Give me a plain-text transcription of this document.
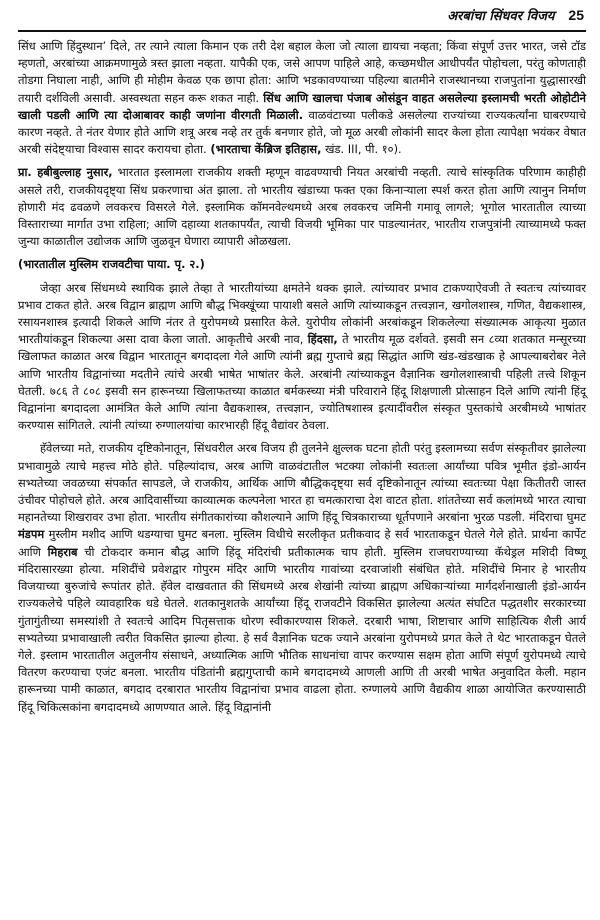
अरबांचा सिंधवर विजय 25

सिंध आणि हिंदुस्थान’ दिले, तर त्याने त्याला किमान एक तरी देश बहाल केला जो त्याला द्यायचा नव्हता; किंवा संपूर्ण उत्तर भारत, जसे टॉड म्हणतो, अरबांच्या आक्रमणामुळे त्रस्त झाला नव्हता. यापैकी एक, जसे आपण पाहिले आहे, कच्छमधील आधीपर्यंत पोहोचला, परंतु कोणताही तोडगा निघाला नाही, आणि ही मोहीम केवळ एक छापा होता: आणि भडकावण्याच्या पहिल्या बातमीने राजस्थानच्या राजपुतांना युद्धासारखी तयारी दर्शविली असावी. अस्वस्थता सहन करू शकत नाही. सिंध आणि खालचा पंजाब ओसंडून वाहत असलेल्या इस्लामची भरती ओहोटीने खाली पडली आणि त्या दोआबावर काही जणांना वीरगती मिळाली. वाळवंटाच्या पलीकडे असलेल्या राज्यांच्या राज्यकर्त्यांना घाबरण्याचे कारण नव्हते. ते नंतर येणार होते आणि शत्रू अरब नव्हे तर तुर्क बनणार होते, जो मूळ अरबी लोकांनी सादर केला होता त्यापेक्षा भयंकर वेषात अरबी संदेष्ट्याचा विश्वास सादर करायचा होता. (भारताचा केंब्रिज इतिहास, खंड. III, पी. १०).

प्रा. हबीबुल्लाह नुसार, भारतात इस्लामला राजकीय शक्ती म्हणून वाढवण्याची नियत अरबांची नव्हती. त्याचे सांस्कृतिक परिणाम काहीही असले तरी, राजकीयदृष्ट्या सिंध प्रकरणाचा अंत झाला. तो भारतीय खंडाच्या फक्त एका किनाऱ्याला स्पर्श करत होता आणि त्यानुन निर्माण होणारी मंद ढवळणे लवकरच विसरले गेले. इस्लामिक कॉमनवेल्थमध्ये अरब लवकरच जमिनी गमावू लागले; भूगोल भारतातील त्याच्या विस्ताराच्या मार्गात उभा राहिला; आणि दहाव्या शतकापर्यंत, त्याची विजयी भूमिका पार पाडल्यानंतर, भारतीय राजपुत्रांनी त्याच्यामध्ये फक्त जुन्या काळातील उद्योजक आणि जुळवून घेणारा व्यापारी ओळखला.

(भारतातील मुस्लिम राजवटीचा पाया. पृ. २.)

जेव्हा अरब सिंधमध्ये स्थायिक झाले तेव्हा ते भारतीयांच्या क्षमतेने थक्क झाले. त्यांच्यावर प्रभाव टाकण्याऐवजी ते स्वतःच त्यांच्यावर प्रभाव टाकत होते. अरब विद्वान ब्राह्मण आणि बौद्ध भिक्खूंच्या पायाशी बसले आणि त्यांच्याकडून तत्त्वज्ञान, खगोलशास्त्र, गणित, वैद्यकशास्त्र, रसायनशास्त्र इत्यादी शिकले आणि नंतर ते युरोपमध्ये प्रसारित केले. युरोपीय लोकांनी अरबांकडून शिकलेल्या संख्यात्मक आकृत्या मुळात भारतीयांकडून शिकल्या असा दावा केला जातो. आकृतीचे अरबी नाव, हिंदसा, ते भारतीय मूळ दर्शवते. इसवी सन ८व्या शतकात मन्सूरच्या खिलाफत काळात अरब विद्वान भारतातून बगदादला गेले आणि त्यांनी ब्रह्म गुप्ताचे ब्रह्म सिद्धांत आणि खंड-खंडखाक हे आपल्याबरोबर नेले आणि भारतीय विद्वानांच्या मदतीने त्यांचे अरबी भाषेत भाषांतर केले. अरबांनी त्यांच्याकडून वैज्ञानिक खगोलशास्त्राची पहिली तत्त्वे शिकून घेतली. ७८६ ते ८०८ इसवी सन हारूनच्या खिलाफतच्या काळात बर्मकस्च्या मंत्री परिवाराने हिंदू शिक्षणाली प्रोत्साहन दिले आणि त्यांनी हिंदू विद्वानांना बगदादला आमंत्रित केले आणि त्यांना वैद्यकशास्त्र, तत्त्वज्ञान, ज्योतिषशास्त्र इत्यादींवरील संस्कृत पुस्तकांचे अरबीमध्ये भाषांतर करण्यास सांगितले. त्यांनी त्यांच्या रुग्णालयांचा कारभारही हिंदू वैद्यांवर ठेवला.

हॅवेलच्या मते, राजकीय दृष्टिकोनातून, सिंधवरील अरब विजय ही तुलनेने क्षुल्लक घटना होती परंतु इस्लामच्या सर्वण संस्कृतीवर झालेल्या प्रभावामुळे त्याचे महत्त्व मोठे होते. पहिल्यांदाच, अरब आणि वाळवंटातील भटक्या लोकांनी स्वतःला आर्यांच्या पवित्र भूमीत इंडो-आर्यन सभ्यतेच्या जवळच्या संपर्कात सापडले, जे राजकीय, आर्थिक आणि बौद्धिकदृष्ट्या सर्व दृष्टिकोनातून त्यांच्या स्वतःच्या पेक्षा कितीतरी जास्त उंचीवर पोहोचले होते. अरब आदिवासींच्या काव्यात्मक कल्पनेला भारत हा चमत्काराचा देश वाटत होता. शांततेच्या सर्व कलांमध्ये भारत त्याचा महानतेच्या शिखरावर उभा होता. भारतीय संगीतकारांच्या कौशल्याने आणि हिंदू चित्रकाराच्या धूर्तपणाने अरबांना भुरळ पडली. मंदिराचा घुमट मंडपम मुस्लीम मशीद आणि थडग्याचा घुमट बनला. मुस्लिम विधीचे सरलीकृत प्रतीकवाद हे सर्व भारताकडून घेतले गेले होते. प्रार्थना कार्पेट आणि मिहराब ची टोकदार कमान बौद्ध आणि हिंदू मंदिरांची प्रतीकात्मक चाप होती. मुस्लिम राजघराण्याच्या कॅथेड्रल मशिदी विष्णू मंदिरासारख्या होत्या. मशिदींचे प्रवेशद्वार गोपुरम मंदिर आणि भारतीय गावांच्या दरवाजांशी संबंधित होते. मशिदींचे मिनार हे भारतीय विजयाच्या बुरुजांचे रूपांतर होते. हॅवेल दाखवतात की सिंधमध्ये अरब शेखांनी त्यांच्या ब्राह्मण अधिकाऱ्यांच्या मार्गदर्शनाखाली इंडो-आर्यन राज्यकलेचे पहिले व्यावहारिक धडे घेतले. शतकानुशतके आर्यांच्या हिंदू राजवटीने विकसित झालेल्या अत्यंत संघटित पद्धतशीर सरकारच्या गुंतागुंतीच्या समस्यांशी ते स्वतःचे आदिम पितृसत्ताक धोरण स्वीकारण्यास शिकले. दरबारी भाषा, शिष्टाचार आणि साहित्यिक शैली आर्य सभ्यतेच्या प्रभावाखाली त्वरीत विकसित झाल्या होत्या. हे सर्व वैज्ञानिक घटक ज्याने अरबांना युरोपमध्ये प्रगत केले ते थेट भारताकडून घेतले गेले. इस्लाम भारतातील अतुलनीय संसाधने, अध्यात्मिक आणि भौतिक साधनांचा वापर करण्यास सक्षम होता आणि संपूर्ण युरोपमध्ये त्याचे वितरण करण्याचा एजंट बनला. भारतीय पंडितांनी ब्रह्मगुप्ताची कामे बगदादमध्ये आणली आणि ती अरबी भाषेत अनुवादित केली. महान हारूनच्या पामी काळात, बगदाद दरबारात भारतीय विद्वानांचा प्रभाव वाढला होता. रुग्णालये आणि वैद्यकीय शाळा आयोजित करण्यासाठी हिंदू चिकित्सकांना बगदादमध्ये आणण्यात आले. हिंदू विद्वानांनी
